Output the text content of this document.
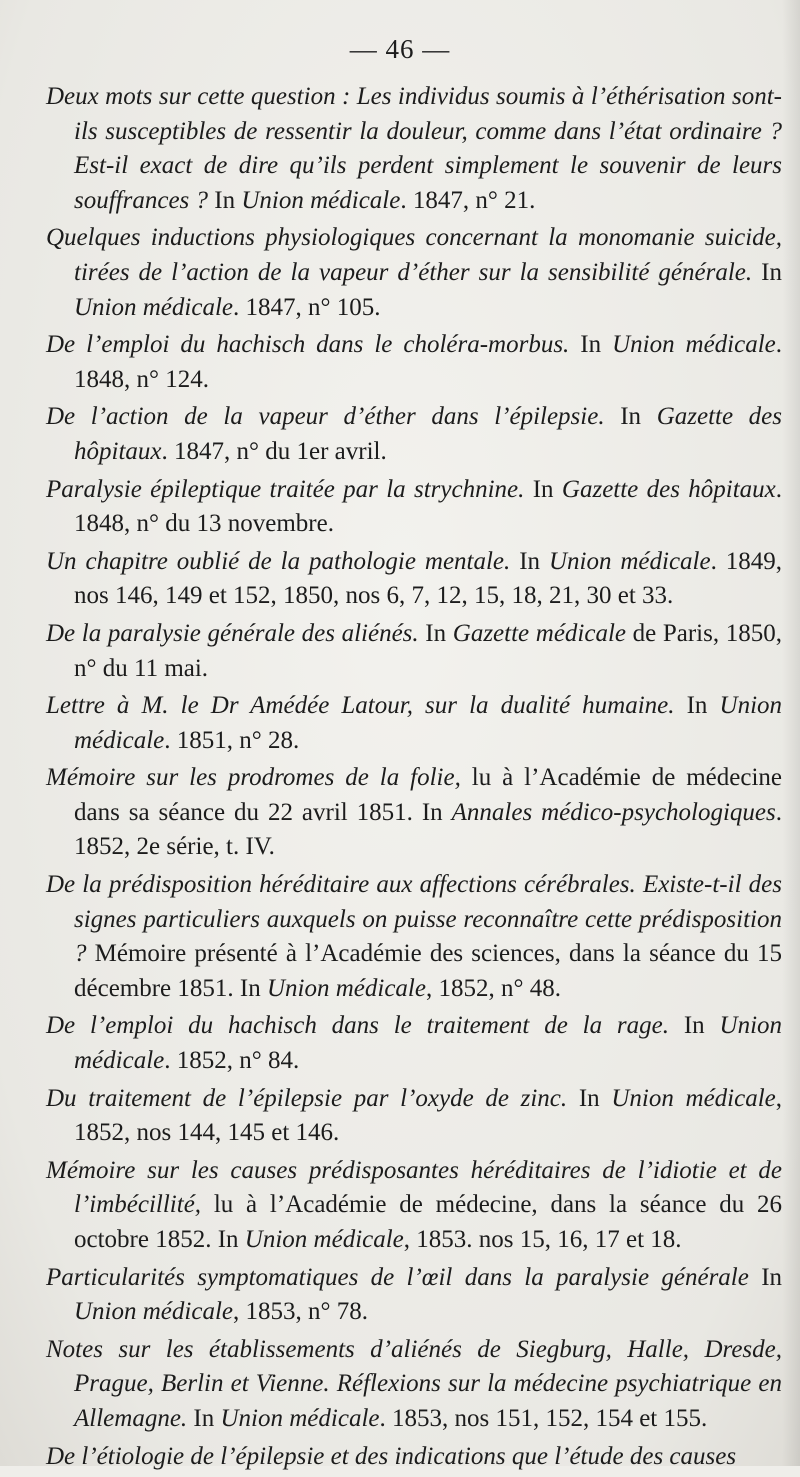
— 46 —

Deux mots sur cette question : Les individus soumis à l’éthérisation sont-ils susceptibles de ressentir la douleur, comme dans l’état ordinaire ? Est-il exact de dire qu’ils perdent simplement le souvenir de leurs souffrances ? In Union médicale. 1847, n° 21.

Quelques inductions physiologiques concernant la monomanie suicide, tirées de l’action de la vapeur d’éther sur la sensibilité générale. In Union médicale. 1847, n° 105.

De l’emploi du hachisch dans le choléra-morbus. In Union médicale. 1848, n° 124.

De l’action de la vapeur d’éther dans l’épilepsie. In Gazette des hôpitaux. 1847, n° du 1er avril.

Paralysie épileptique traitée par la strychnine. In Gazette des hôpitaux. 1848, n° du 13 novembre.

Un chapitre oublié de la pathologie mentale. In Union médicale. 1849, nos 146, 149 et 152, 1850, nos 6, 7, 12, 15, 18, 21, 30 et 33.

De la paralysie générale des aliénés. In Gazette médicale de Paris, 1850, n° du 11 mai.

Lettre à M. le Dr Amédée Latour, sur la dualité humaine. In Union médicale. 1851, n° 28.

Mémoire sur les prodromes de la folie, lu à l’Académie de médecine dans sa séance du 22 avril 1851. In Annales médico-psychologiques. 1852, 2e série, t. IV.

De la prédisposition héréditaire aux affections cérébrales. Existe-t-il des signes particuliers auxquels on puisse reconnaître cette prédisposition ? Mémoire présenté à l’Académie des sciences, dans la séance du 15 décembre 1851. In Union médicale, 1852, n° 48.

De l’emploi du hachisch dans le traitement de la rage. In Union médicale. 1852, n° 84.

Du traitement de l’épilepsie par l’oxyde de zinc. In Union médicale, 1852, nos 144, 145 et 146.

Mémoire sur les causes prédisposantes héréditaires de l’idiotie et de l’imbécillité, lu à l’Académie de médecine, dans la séance du 26 octobre 1852. In Union médicale, 1853. nos 15, 16, 17 et 18.

Particularités symptomatiques de l’œil dans la paralysie générale In Union médicale, 1853, n° 78.

Notes sur les établissements d’aliénés de Siegburg, Halle, Dresde, Prague, Berlin et Vienne. Réflexions sur la médecine psychiatrique en Allemagne. In Union médicale. 1853, nos 151, 152, 154 et 155.

De l’étiologie de l’épilepsie et des indications que l’étude des causes
